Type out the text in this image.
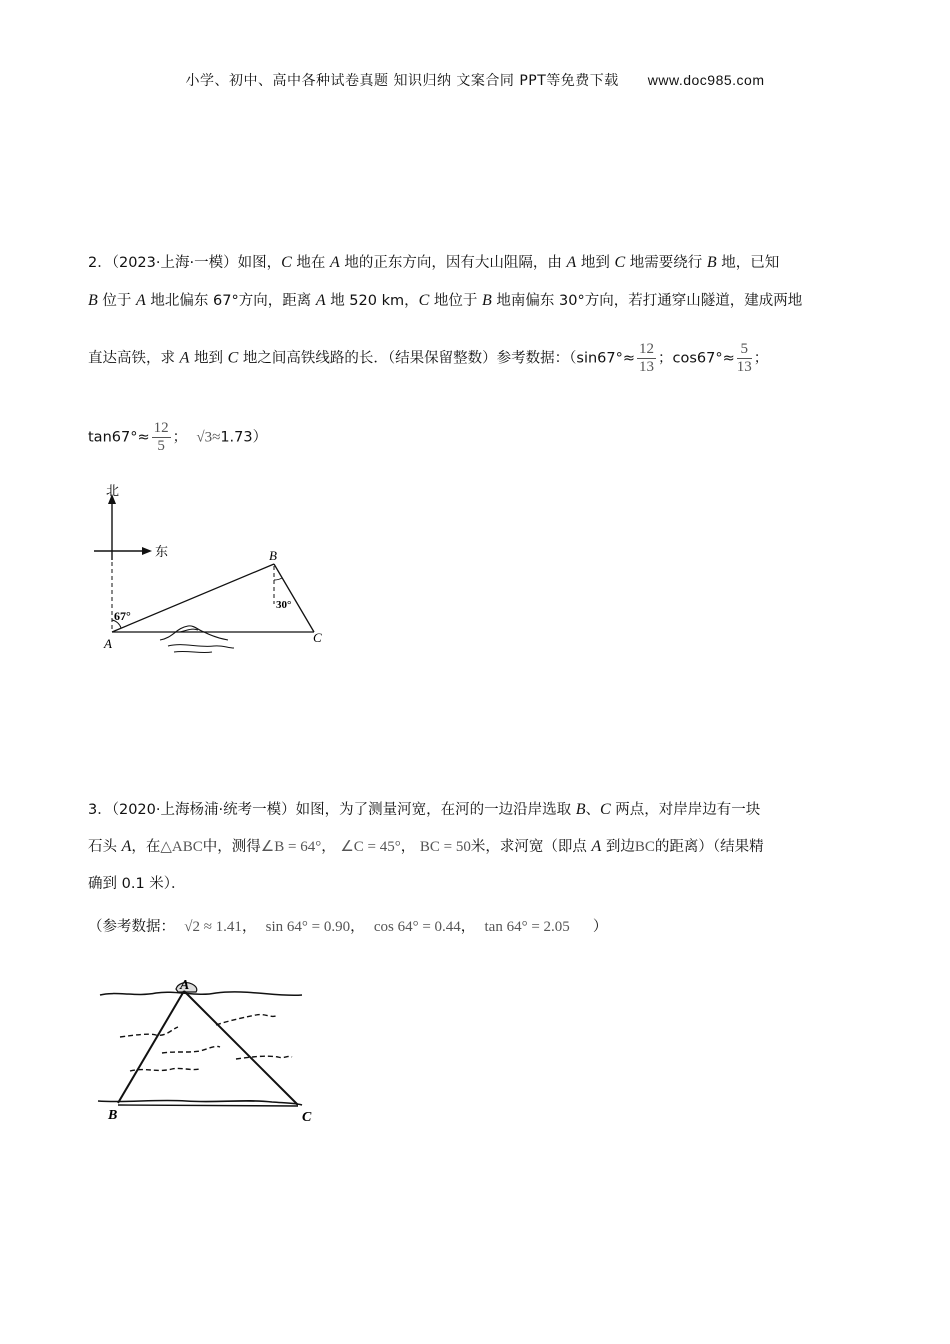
小学、初中、高中各种试卷真题 知识归纳 文案合同 PPT等免费下载 www.doc985.com
2．（2023·上海·一模）如图，C 地在 A 地的正东方向，因有大山阻隔，由 A 地到 C 地需要绕行 B 地，已知
B 位于 A 地北偏东 67°方向，距离 A 地 520 km，C 地位于 B 地南偏东 30°方向，若打通穿山隧道，建成两地
直达高铁，求 A 地到 C 地之间高铁线路的长．（结果保留整数）参考数据：（$\sin 67^\circ\approx \frac{12}{13}$ ；$\cos 67^\circ\approx \frac{5}{13}$ ；
$\tan 67^\circ\approx \frac{12}{5}$ ； √3≈1.73）
北
东
A
B
C
67°
30°
3．（2020·上海杨浦·统考一模）如图，为了测量河宽，在河的一边沿岸选取 B、C 两点，对岸岸边有一块
石头 A，在△ABC中，测得∠B = 64°， ∠C = 45°， BC = 50米，求河宽（即点 A 到边BC的距离）（结果精
确到 0.1 米）．
（参考数据： √2 ≈ 1.41， sin 64° = 0.90， cos 64° = 0.44， tan 64° = 2.05 ）
A
B	C
